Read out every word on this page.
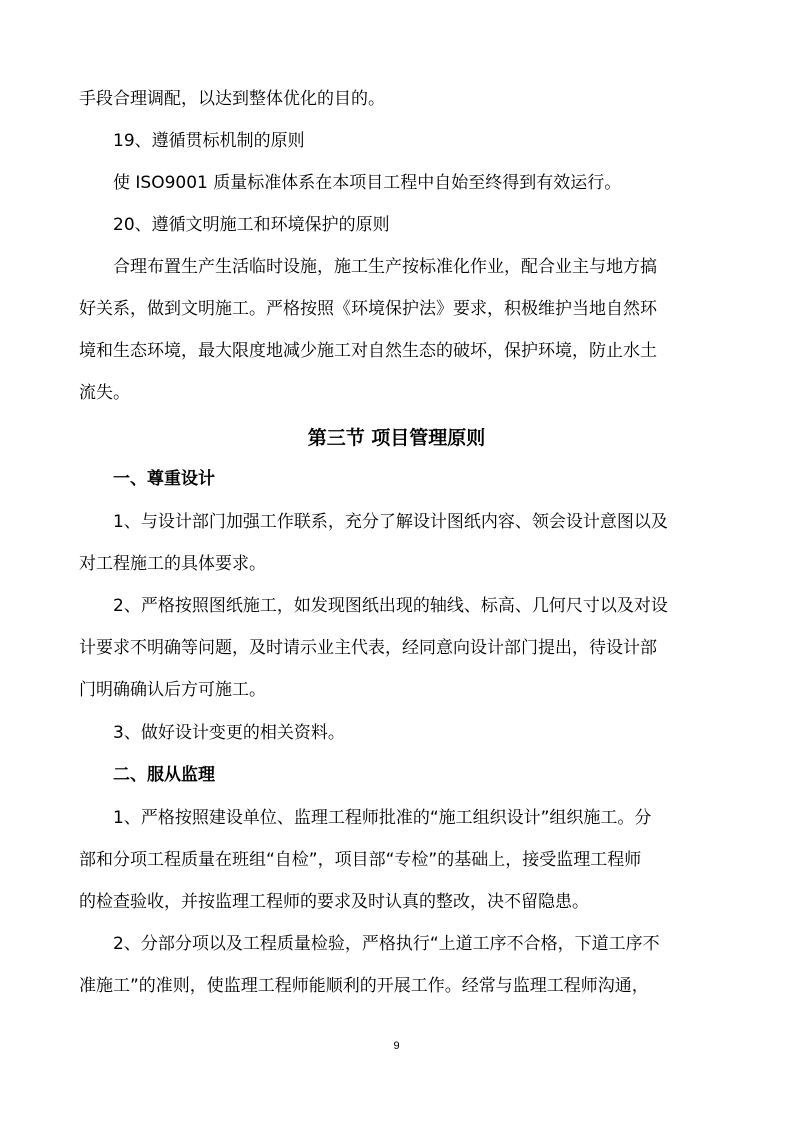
手段合理调配，以达到整体优化的目的。
19、遵循贯标机制的原则
使 ISO9001 质量标准体系在本项目工程中自始至终得到有效运行。
20、遵循文明施工和环境保护的原则
合理布置生产生活临时设施，施工生产按标准化作业，配合业主与地方搞
好关系，做到文明施工。严格按照《环境保护法》要求，积极维护当地自然环
境和生态环境，最大限度地减少施工对自然生态的破坏，保护环境，防止水土
流失。
第三节 项目管理原则
一、尊重设计
1、与设计部门加强工作联系，充分了解设计图纸内容、领会设计意图以及
对工程施工的具体要求。
2、严格按照图纸施工，如发现图纸出现的轴线、标高、几何尺寸以及对设
计要求不明确等问题，及时请示业主代表，经同意向设计部门提出，待设计部
门明确确认后方可施工。
3、做好设计变更的相关资料。
二、服从监理
1、严格按照建设单位、监理工程师批准的“施工组织设计”组织施工。分
部和分项工程质量在班组“自检”，项目部“专检”的基础上，接受监理工程师
的检查验收，并按监理工程师的要求及时认真的整改，决不留隐患。
2、分部分项以及工程质量检验，严格执行“上道工序不合格，下道工序不
准施工”的准则，使监理工程师能顺利的开展工作。经常与监理工程师沟通，
9
